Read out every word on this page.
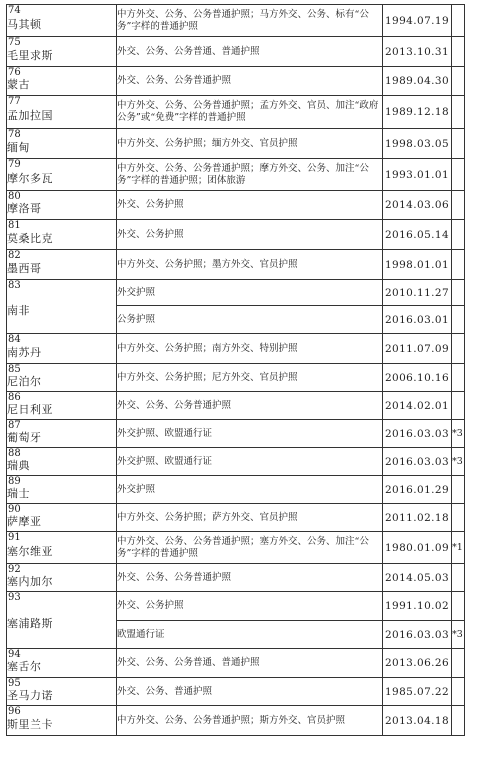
74
马其顿	中方外交、公务、公务普通护照；马方外交、公务、标有“公务”字样的普通护照	1994.07.19	

75
毛里求斯	外交、公务、公务普通、普通护照	2013.10.31	

76
蒙古	外交、公务、公务普通护照	1989.04.30	

77
孟加拉国	中方外交、公务、公务普通护照；孟方外交、官员、加注“政府公务”或“免费”字样的普通护照	1989.12.18	

78
缅甸	中方外交、公务护照；缅方外交、官员护照	1998.03.05	

79
摩尔多瓦	中方外交、公务、公务普通护照；摩方外交、公务、加注“公务”字样的普通护照；团体旅游	1993.01.01	

80
摩洛哥	外交、公务护照	2014.03.06	

81
莫桑比克	外交、公务护照	2016.05.14	

82
墨西哥	中方外交、公务护照；墨方外交、官员护照	1998.01.01	

83
南非	外交护照	2010.11.27	
	公务护照	2016.03.01	

84
南苏丹	中方外交、公务护照；南方外交、特别护照	2011.07.09	

85
尼泊尔	中方外交、公务护照；尼方外交、官员护照	2006.10.16	

86
尼日利亚	外交、公务、公务普通护照	2014.02.01	

87
葡萄牙	外交护照、欧盟通行证	2016.03.03	*3

88
瑞典	外交护照、欧盟通行证	2016.03.03	*3

89
瑞士	外交护照	2016.01.29	

90
萨摩亚	中方外交、公务护照；萨方外交、官员护照	2011.02.18	

91
塞尔维亚	中方外交、公务、公务普通护照；塞方外交、公务、加注“公务”字样的普通护照	1980.01.09	*1

92
塞内加尔	外交、公务、公务普通护照	2014.05.03	

93
塞浦路斯	外交、公务护照	1991.10.02	
	欧盟通行证	2016.03.03	*3

94
塞舌尔	外交、公务、公务普通、普通护照	2013.06.26	

95
圣马力诺	外交、公务、普通护照	1985.07.22	

96
斯里兰卡	中方外交、公务、公务普通护照；斯方外交、官员护照	2013.04.18	
